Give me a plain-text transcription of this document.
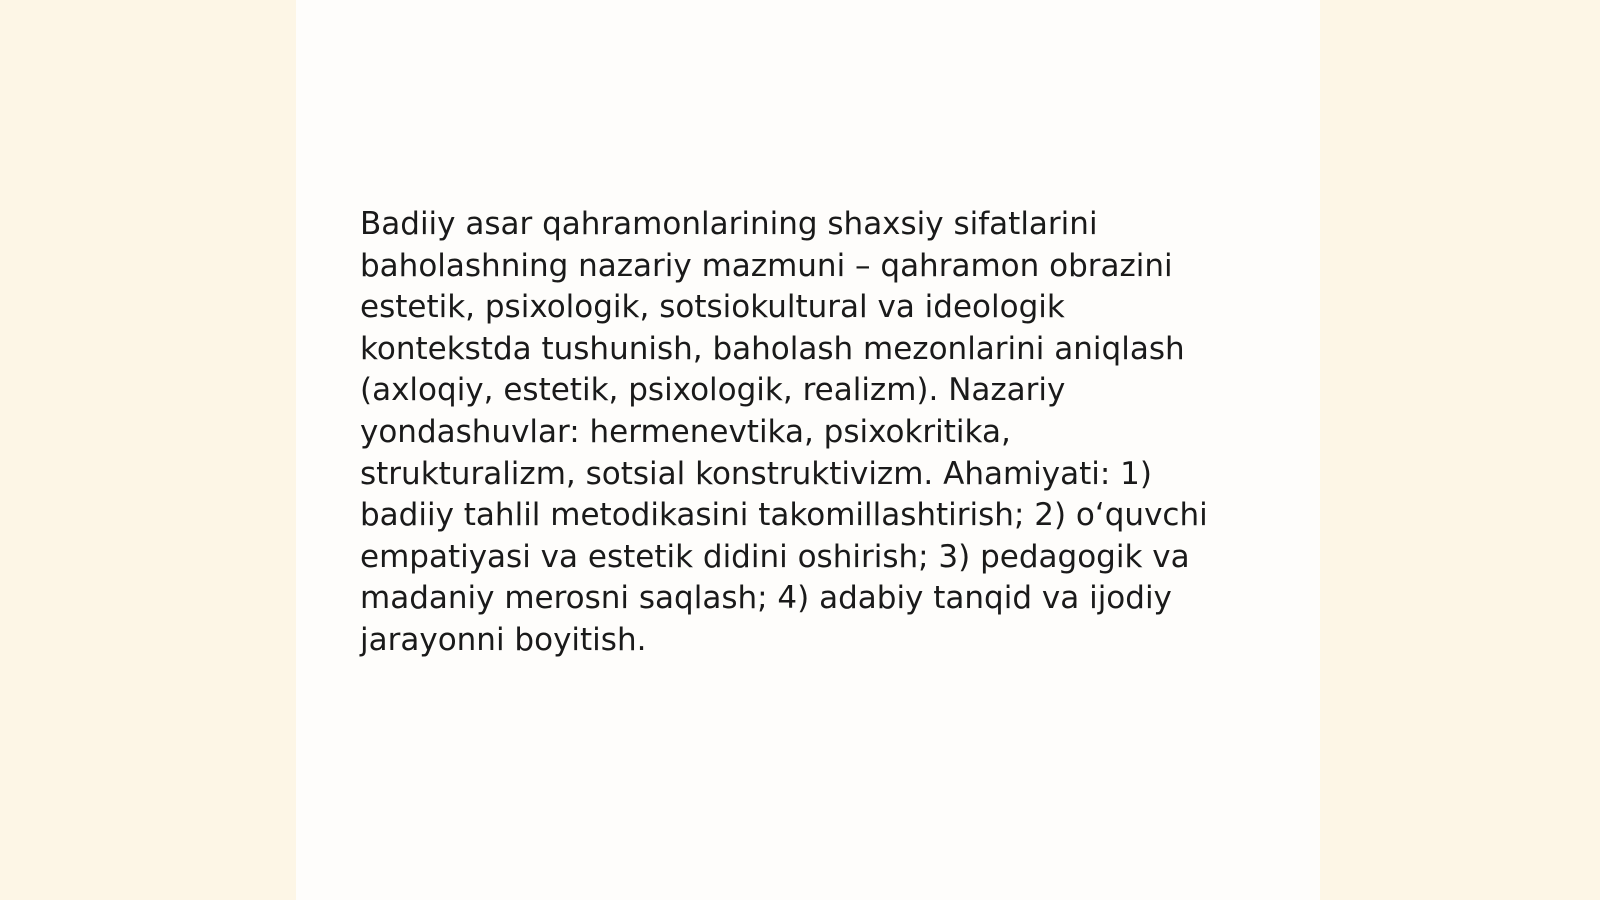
Badiiy asar qahramonlarining shaxsiy sifatlarini
baholashning nazariy mazmuni – qahramon obrazini
estetik, psixologik, sotsiokultural va ideologik
kontekstda tushunish, baholash mezonlarini aniqlash
(axloqiy, estetik, psixologik, realizm). Nazariy
yondashuvlar: hermenevtika, psixokritika,
strukturalizm, sotsial konstruktivizm. Ahamiyati: 1)
badiiy tahlil metodikasini takomillashtirish; 2) o‘quvchi
empatiyasi va estetik didini oshirish; 3) pedagogik va
madaniy merosni saqlash; 4) adabiy tanqid va ijodiy
jarayonni boyitish.
